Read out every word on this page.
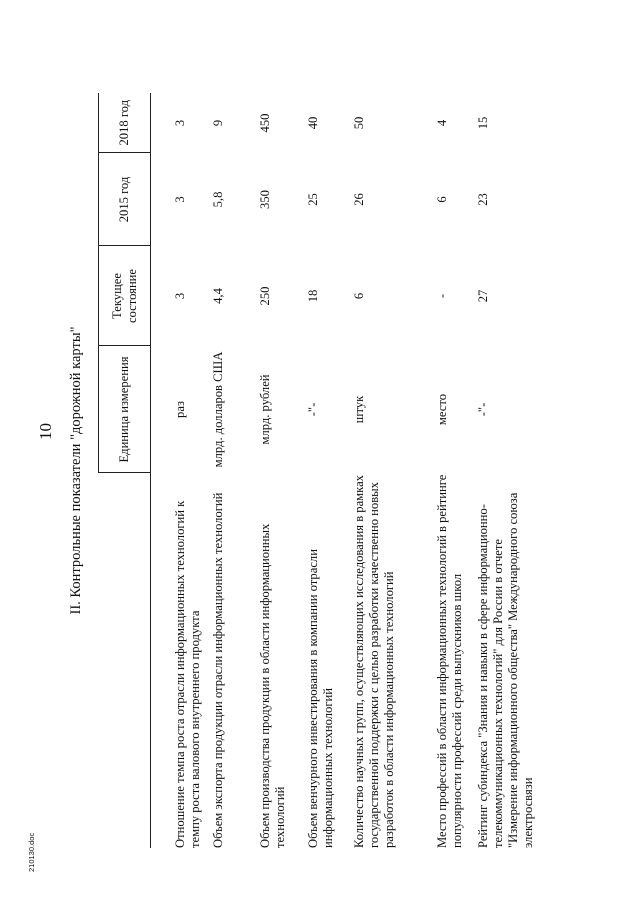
10
210130.doc
II. Контрольные показатели "дорожной карты"
		Единица измерения	Текущее состояние	2015 год	2018 год
Отношение темпа роста отрасли информационных технологий к темпу роста валового внутреннего продукта	раз	3	3	3
Объем экспорта продукции отрасли информационных технологий	млрд. долларов США	4,4	5,8	9
Объем производства продукции в области информационных технологий	млрд. рублей	250	350	450
Объем венчурного инвестирования в компании отрасли информационных технологий	-"-	18	25	40
Количество научных групп, осуществляющих исследования в рамках государственной поддержки с целью разработки качественно новых разработок в области информационных технологий	штук	6	26	50
Место профессий в области информационных технологий в рейтинге популярности профессий среди выпускников школ	место	-	6	4
Рейтинг субиндекса "Знания и навыки в сфере информационно-телекоммуникационных технологий" для России в отчете "Измерение информационного общества" Международного союза электросвязи	-"-	27	23	15
